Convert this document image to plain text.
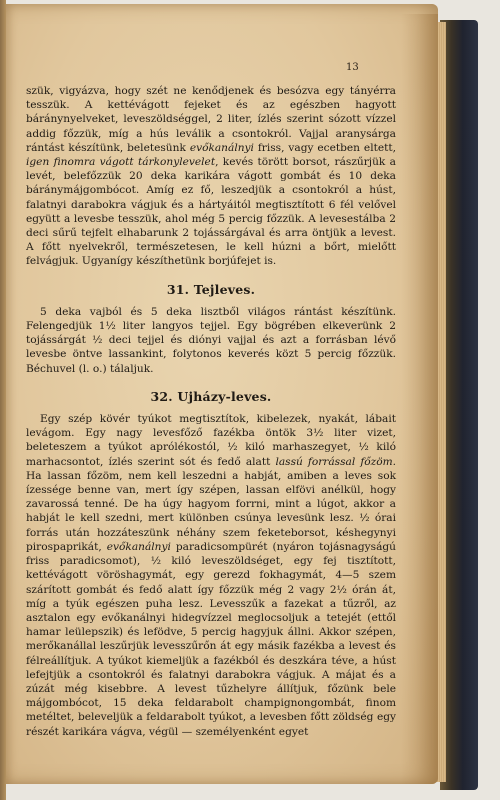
13

szük, vigyázva, hogy szét ne kenődjenek és besózva egy tányérra tesszük. A kettévágott fejeket és az egészben hagyott báránynyelveket, leveszöldséggel, 2 liter, ízlés szerint sózott vízzel addig főzzük, míg a hús leválik a csontokról. Vajjal aranysárga rántást készítünk, beletesünk evőkanálnyi friss, vagy ecetben eltett, igen finomra vágott tárkonylevelet, kevés törött borsot, rászűrjük a levét, belefőzzük 20 deka karikára vágott gombát és 10 deka báránymájgombócot. Amíg ez fő, leszedjük a csontokról a húst, falatnyi darabokra vágjuk és a hártyáitól megtisztított 6 fél velővel együtt a levesbe tesszük, ahol még 5 percig főzzük. A levesestálba 2 deci sűrű tejfelt elhabarunk 2 tojássárgával és arra öntjük a levest. A főtt nyelvekről, természetesen, le kell húzni a bőrt, mielőtt felvágjuk. Ugyanígy készíthetünk borjúfejet is.

31. Tejleves.

5 deka vajból és 5 deka lisztből világos rántást készítünk. Felengedjük 1½ liter langyos tejjel. Egy bögrében elkeverünk 2 tojássárgát ½ deci tejjel és diónyi vajjal és azt a forrásban lévő levesbe öntve lassankint, folytonos keverés közt 5 percig főzzük. Béchuvel (l. o.) tálaljuk.

32. Ujházy-leves.

Egy szép kövér tyúkot megtisztítok, kibelezek, nyakát, lábait levágom. Egy nagy levesfőző fazékba öntök 3½ liter vizet, beleteszem a tyúkot aprólékostól, ½ kiló marhaszegyet, ½ kiló marhacsontot, ízlés szerint sót és fedő alatt lassú forrással főzöm. Ha lassan főzöm, nem kell leszedni a habját, amiben a leves sok ízessége benne van, mert így szépen, lassan elfövi anélkül, hogy zavarossá tenné. De ha úgy hagyom forrni, mint a lúgot, akkor a habját le kell szedni, mert különben csúnya levesünk lesz. ½ órai forrás után hozzáteszünk néhány szem feketeborsot, késhegynyi pirospaprikát, evőkanálnyi paradicsompürét (nyáron tojásnagyságú friss paradicsomot), ½ kiló leveszöldséget, egy fej tisztított, kettévágott vöröshagymát, egy gerezd fokhagymát, 4—5 szem szárított gombát és fedő alatt így főzzük még 2 vagy 2½ órán át, míg a tyúk egészen puha lesz. Levesszűk a fazekat a tűzről, az asztalon egy evőkanálnyi hidegvízzel meglocsoljuk a tetejét (ettől hamar leülepszik) és lefödve, 5 percig hagyjuk állni. Akkor szépen, merőkanállal leszűrjük levesszűrőn át egy másik fazékba a levest és félreállítjuk. A tyúkot kiemeljük a fazékból és deszkára téve, a húst lefejtjük a csontokról és falatnyi darabokra vágjuk. A májat és a zúzát még kisebbre. A levest tűzhelyre állítjuk, főzünk bele májgombócot, 15 deka feldarabolt champignongombát, finom metéltet, beleveljük a feldarabolt tyúkot, a levesben főtt zöldség egy részét karikára vágva, végül — személyenként egyet
